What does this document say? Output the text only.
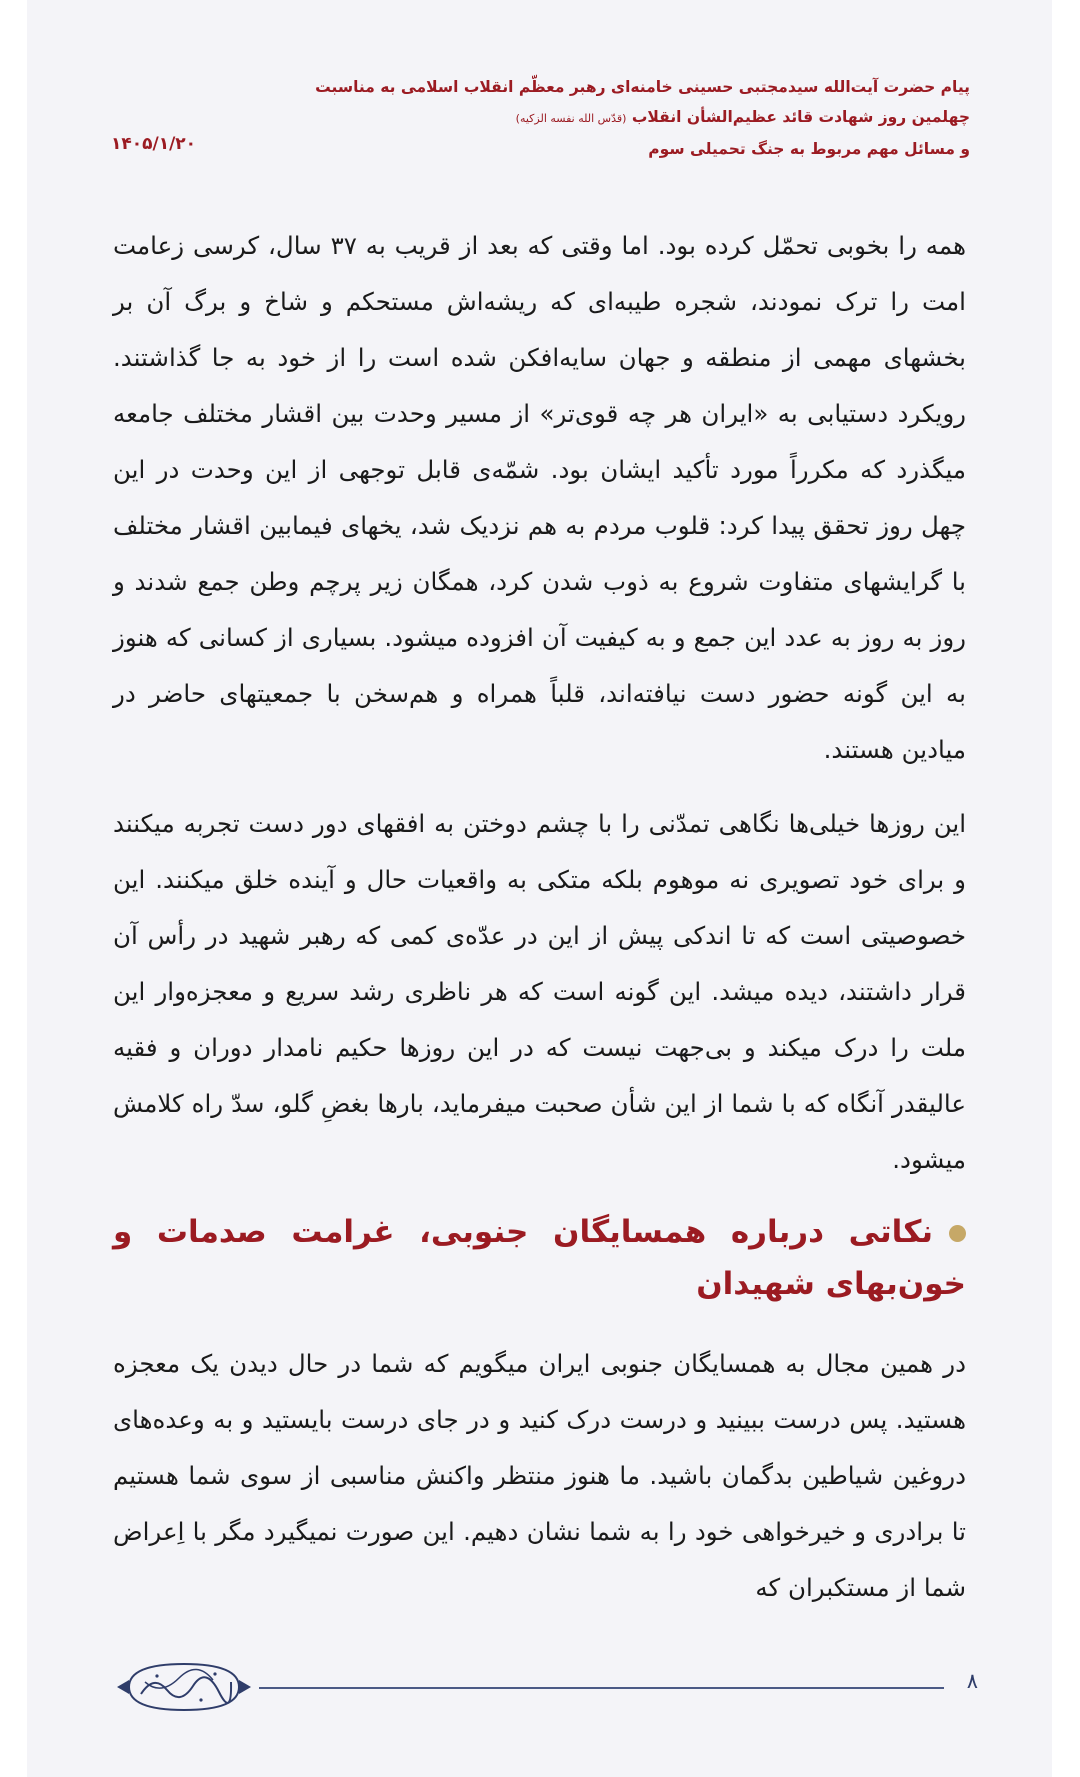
پیام حضرت آیت‌الله سیدمجتبی حسینی خامنه‌ای رهبر معظّم انقلاب اسلامی به مناسبت
چهلمین روز شهادت قائد عظیم‌الشأن انقلاب (قدّس الله نفسه الزکیه)
و مسائل مهم مربوط به جنگ تحمیلی سوم
۱۴۰۵/۱/۲۰

همه را بخوبی تحمّل کرده بود. اما وقتی که بعد از قریب به ۳۷ سال، کرسی زعامت امت را ترک نمودند، شجره طیبه‌ای که ریشه‌اش مستحکم و شاخ و برگ آن بر بخشهای مهمی از منطقه و جهان سایه‌افکن شده است را از خود به جا گذاشتند. رویکرد دستیابی به «ایران هر چه قوی‌تر» از مسیر وحدت بین اقشار مختلف جامعه میگذرد که مکرراً مورد تأکید ایشان بود. شمّه‌ی قابل توجهی از این وحدت در این چهل روز تحقق پیدا کرد: قلوب مردم به هم نزدیک شد، یخهای فیمابین اقشار مختلف با گرایشهای متفاوت شروع به ذوب شدن کرد، همگان زیر پرچم وطن جمع شدند و روز به روز به عدد این جمع و به کیفیت آن افزوده میشود. بسیاری از کسانی که هنوز به این گونه حضور دست نیافته‌اند، قلباً همراه و هم‌سخن با جمعیتهای حاضر در میادین هستند.

این روزها خیلی‌ها نگاهی تمدّنی را با چشم دوختن به افقهای دور دست تجربه میکنند و برای خود تصویری نه موهوم بلکه متکی به واقعیات حال و آینده خلق میکنند. این خصوصیتی است که تا اندکی پیش از این در عدّه‌ی کمی که رهبر شهید در رأس آن قرار داشتند، دیده میشد. این گونه است که هر ناظری رشد سریع و معجزه‌وار این ملت را درک میکند و بی‌جهت نیست که در این روزها حکیم نامدار دوران و فقیه عالیقدر آنگاه که با شما از این شأن صحبت میفرماید، بارها بغضِ گلو، سدّ راه کلامش میشود.

نکاتی درباره همسایگان جنوبی، غرامت صدمات و خون‌بهای شهیدان

در همین مجال به همسایگان جنوبی ایران میگویم که شما در حال دیدن یک معجزه هستید. پس درست ببینید و درست درک کنید و در جای درست بایستید و به وعده‌های دروغین شیاطین بدگمان باشید. ما هنوز منتظر واکنش مناسبی از سوی شما هستیم تا برادری و خیرخواهی خود را به شما نشان دهیم. این صورت نمیگیرد مگر با اِعراض شما از مستکبران که

۸
